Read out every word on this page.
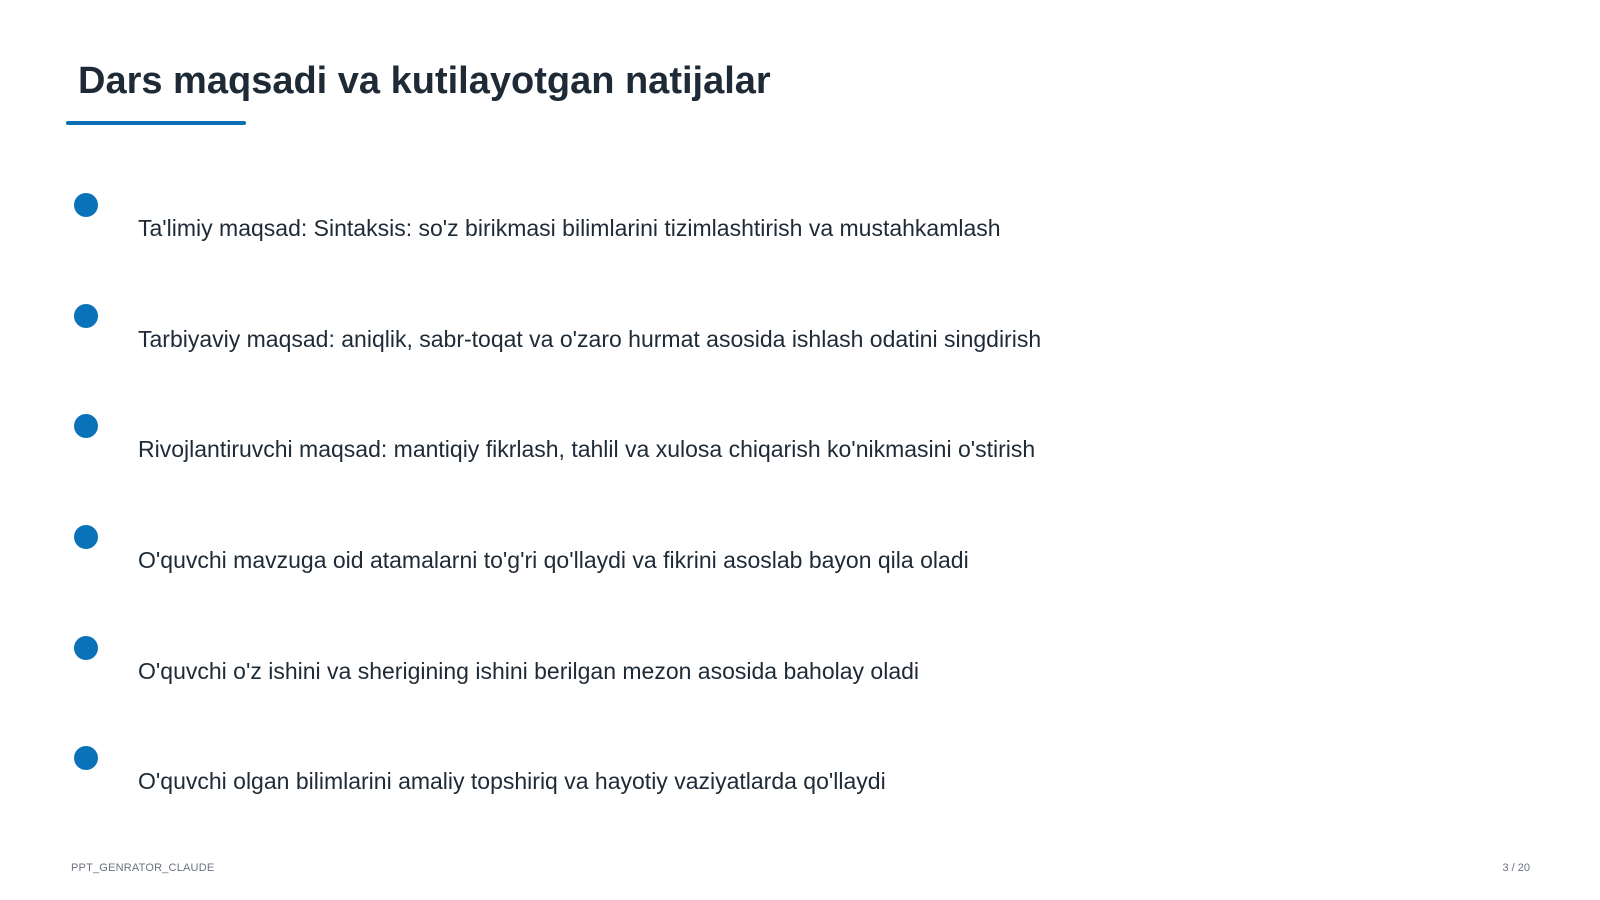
Dars maqsadi va kutilayotgan natijalar
Ta'limiy maqsad: Sintaksis: so'z birikmasi bilimlarini tizimlashtirish va mustahkamlash
Tarbiyaviy maqsad: aniqlik, sabr-toqat va o'zaro hurmat asosida ishlash odatini singdirish
Rivojlantiruvchi maqsad: mantiqiy fikrlash, tahlil va xulosa chiqarish ko'nikmasini o'stirish
O'quvchi mavzuga oid atamalarni to'g'ri qo'llaydi va fikrini asoslab bayon qila oladi
O'quvchi o'z ishini va sherigining ishini berilgan mezon asosida baholay oladi
O'quvchi olgan bilimlarini amaliy topshiriq va hayotiy vaziyatlarda qo'llaydi
PPT_GENRATOR_CLAUDE	3 / 20
